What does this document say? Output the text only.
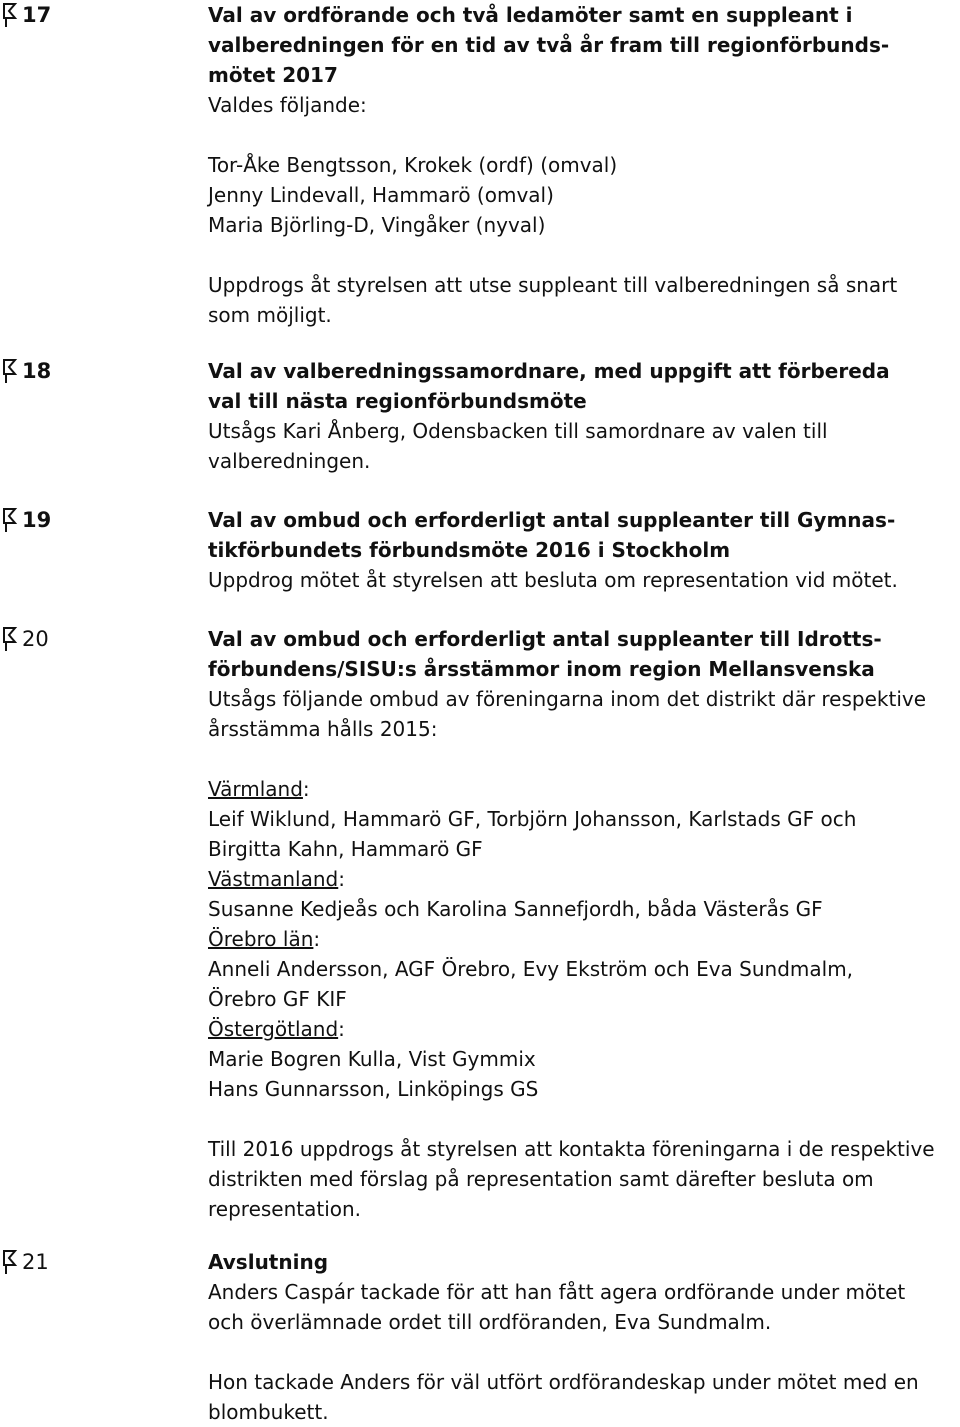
17	Val av ordförande och två ledamöter samt en suppleant i
valberedningen för en tid av två år fram till regionförbunds-
mötet 2017
Valdes följande:
Tor-Åke Bengtsson, Krokek (ordf) (omval)
Jenny Lindevall, Hammarö (omval)
Maria Björling-D, Vingåker (nyval)
Uppdrogs åt styrelsen att utse suppleant till valberedningen så snart
som möjligt.
18	Val av valberedningssamordnare, med uppgift att förbereda
val till nästa regionförbundsmöte
Utsågs Kari Ånberg, Odensbacken till samordnare av valen till
valberedningen.
19	Val av ombud och erforderligt antal suppleanter till Gymnas-
tikförbundets förbundsmöte 2016 i Stockholm
Uppdrog mötet åt styrelsen att besluta om representation vid mötet.
20	Val av ombud och erforderligt antal suppleanter till Idrotts-
förbundens/SISU:s årsstämmor inom region Mellansvenska
Utsågs följande ombud av föreningarna inom det distrikt där respektive
årsstämma hålls 2015:
Värmland:
Leif Wiklund, Hammarö GF, Torbjörn Johansson, Karlstads GF och
Birgitta Kahn, Hammarö GF
Västmanland:
Susanne Kedjeås och Karolina Sannefjordh, båda Västerås GF
Örebro län:
Anneli Andersson, AGF Örebro, Evy Ekström och Eva Sundmalm,
Örebro GF KIF
Östergötland:
Marie Bogren Kulla, Vist Gymmix
Hans Gunnarsson, Linköpings GS
Till 2016 uppdrogs åt styrelsen att kontakta föreningarna i de respektive
distrikten med förslag på representation samt därefter besluta om
representation.
21	Avslutning
Anders Caspár tackade för att han fått agera ordförande under mötet
och överlämnade ordet till ordföranden, Eva Sundmalm.
Hon tackade Anders för väl utfört ordförandeskap under mötet med en
blombukett.
